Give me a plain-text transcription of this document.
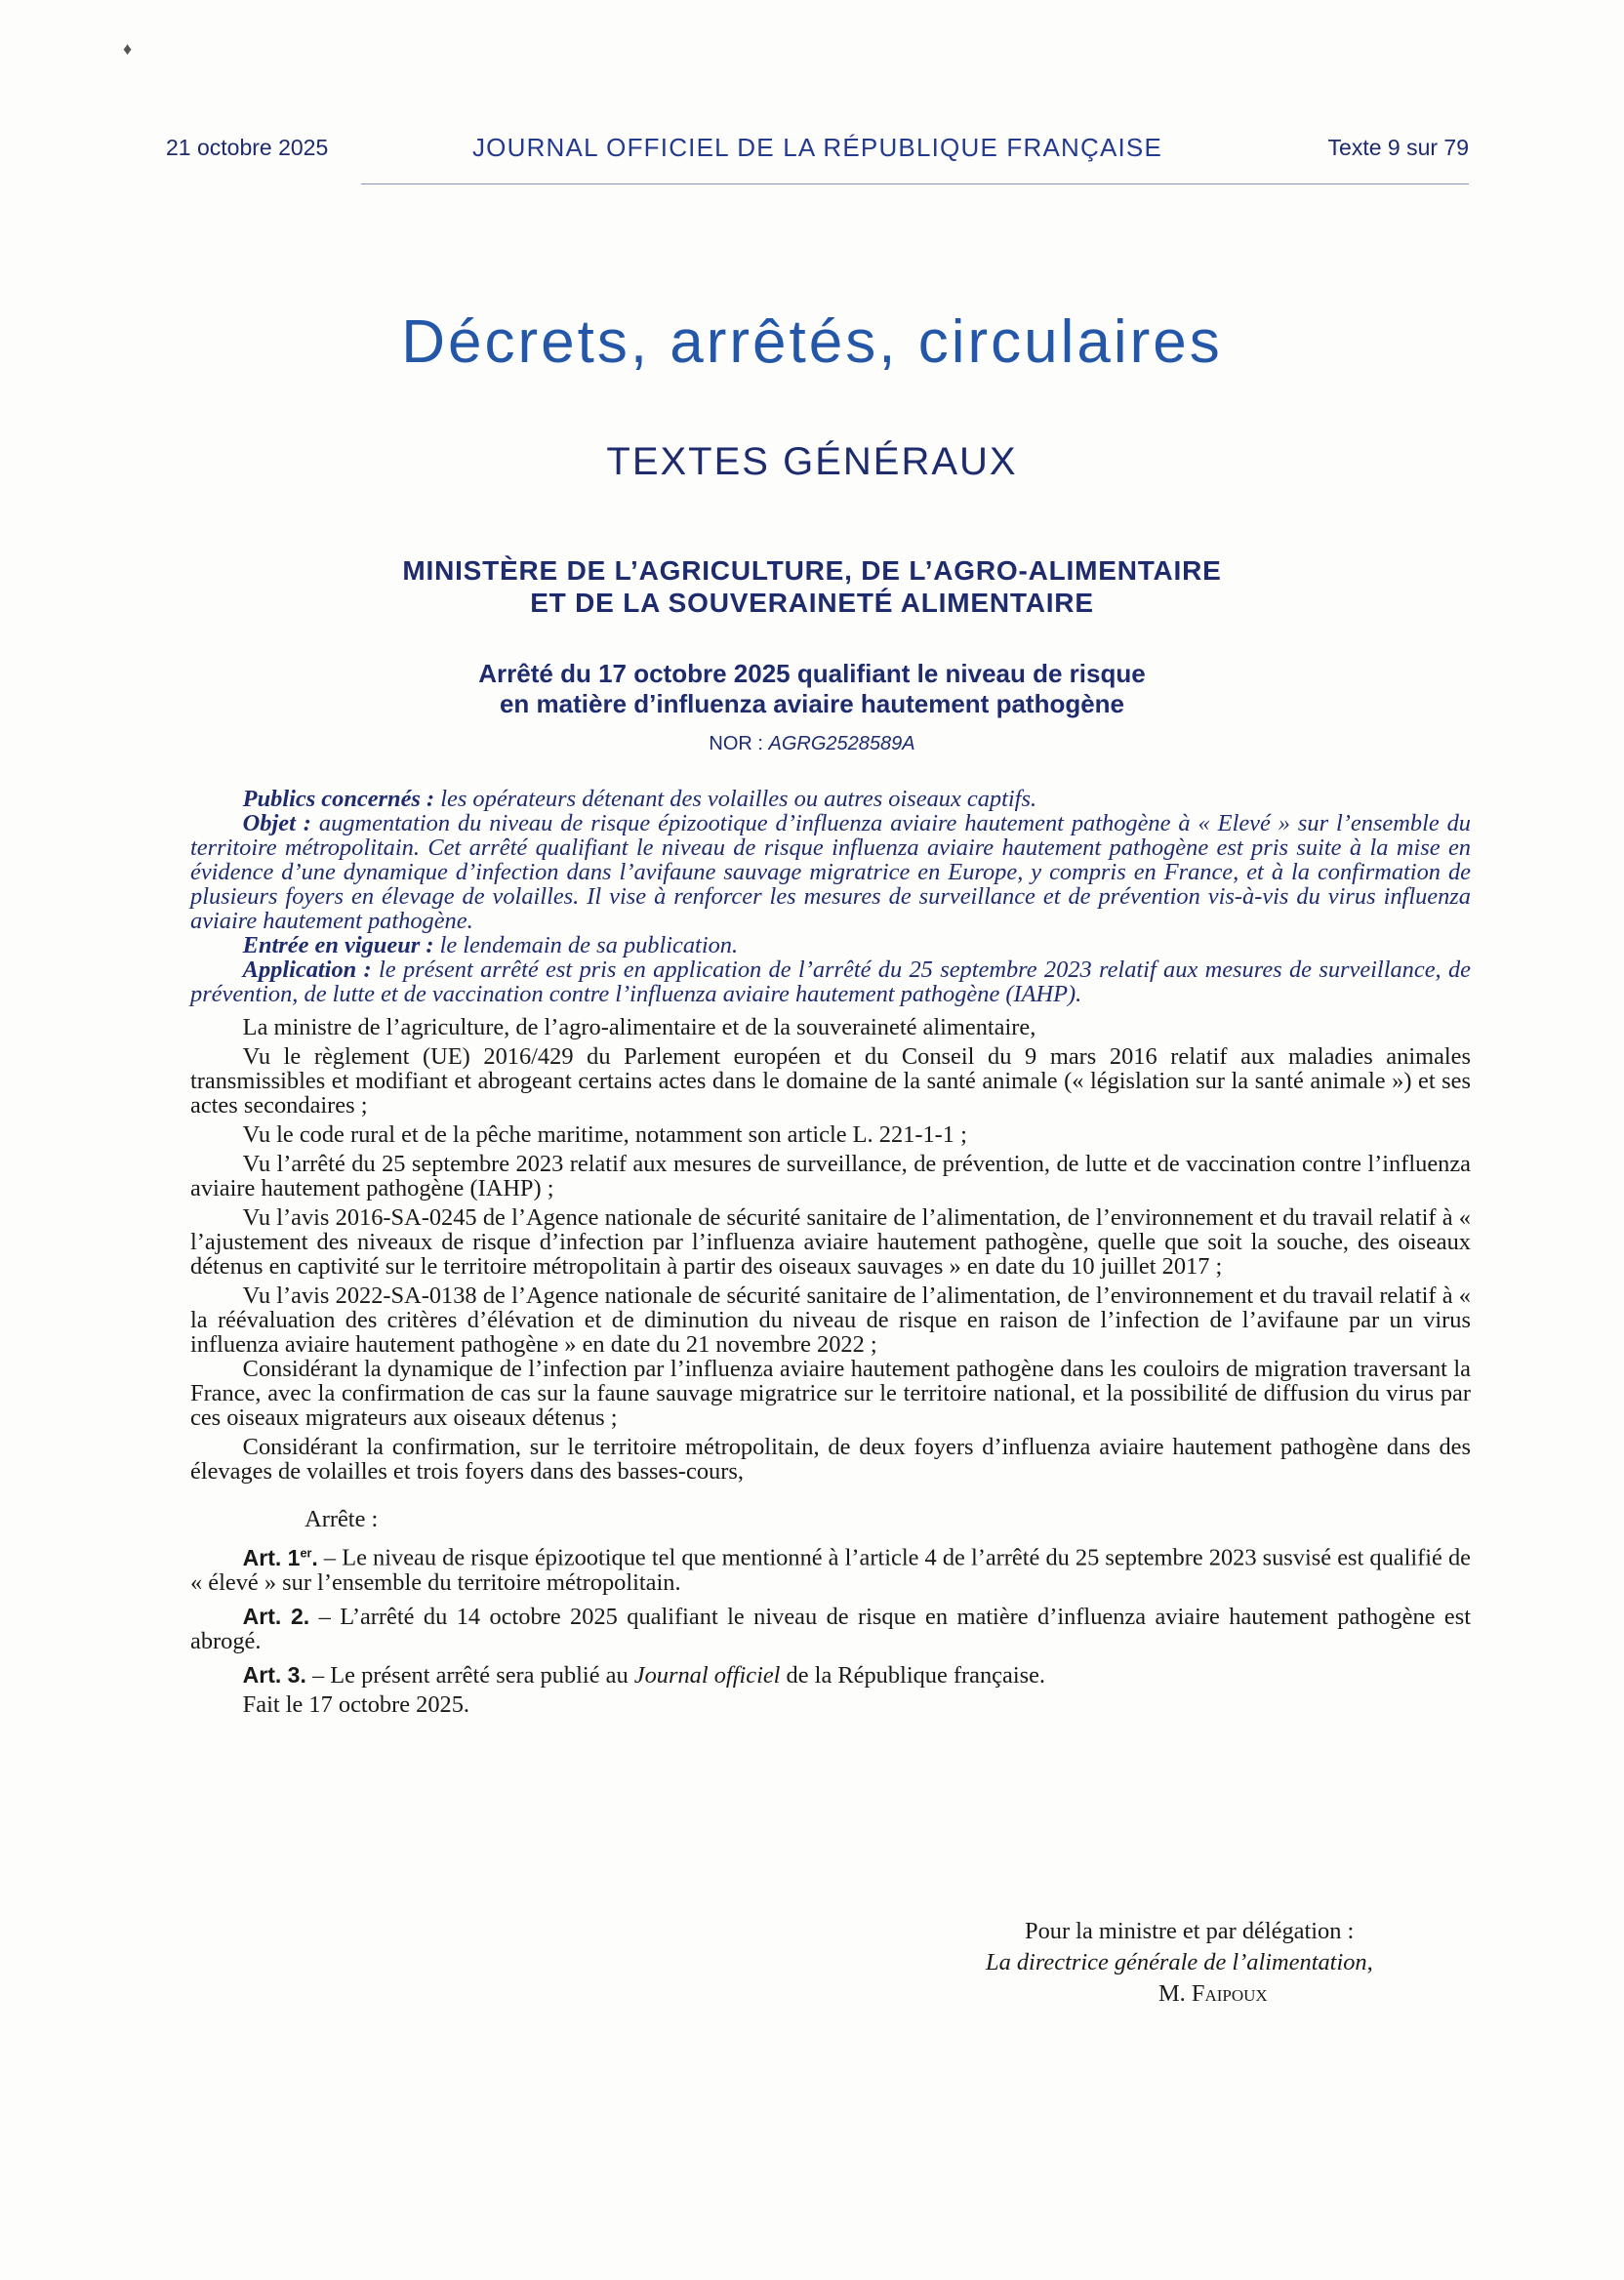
♦
21 octobre 2025	JOURNAL OFFICIEL DE LA RÉPUBLIQUE FRANÇAISE	Texte 9 sur 79
Décrets, arrêtés, circulaires
TEXTES GÉNÉRAUX
MINISTÈRE DE L’AGRICULTURE, DE L’AGRO-ALIMENTAIRE
ET DE LA SOUVERAINETÉ ALIMENTAIRE
Arrêté du 17 octobre 2025 qualifiant le niveau de risque
en matière d’influenza aviaire hautement pathogène
NOR : AGRG2528589A

Publics concernés : les opérateurs détenant des volailles ou autres oiseaux captifs.

Objet : augmentation du niveau de risque épizootique d’influenza aviaire hautement pathogène à « Elevé » sur l’ensemble du territoire métropolitain. Cet arrêté qualifiant le niveau de risque influenza aviaire hautement pathogène est pris suite à la mise en évidence d’une dynamique d’infection dans l’avifaune sauvage migratrice en Europe, y compris en France, et à la confirmation de plusieurs foyers en élevage de volailles. Il vise à renforcer les mesures de surveillance et de prévention vis-à-vis du virus influenza aviaire hautement pathogène.

Entrée en vigueur : le lendemain de sa publication.

Application : le présent arrêté est pris en application de l’arrêté du 25 septembre 2023 relatif aux mesures de surveillance, de prévention, de lutte et de vaccination contre l’influenza aviaire hautement pathogène (IAHP).

La ministre de l’agriculture, de l’agro-alimentaire et de la souveraineté alimentaire,

Vu le règlement (UE) 2016/429 du Parlement européen et du Conseil du 9 mars 2016 relatif aux maladies animales transmissibles et modifiant et abrogeant certains actes dans le domaine de la santé animale (« législation sur la santé animale ») et ses actes secondaires ;

Vu le code rural et de la pêche maritime, notamment son article L. 221-1-1 ;

Vu l’arrêté du 25 septembre 2023 relatif aux mesures de surveillance, de prévention, de lutte et de vaccination contre l’influenza aviaire hautement pathogène (IAHP) ;

Vu l’avis 2016-SA-0245 de l’Agence nationale de sécurité sanitaire de l’alimentation, de l’environnement et du travail relatif à « l’ajustement des niveaux de risque d’infection par l’influenza aviaire hautement pathogène, quelle que soit la souche, des oiseaux détenus en captivité sur le territoire métropolitain à partir des oiseaux sauvages » en date du 10 juillet 2017 ;

Vu l’avis 2022-SA-0138 de l’Agence nationale de sécurité sanitaire de l’alimentation, de l’environnement et du travail relatif à « la réévaluation des critères d’élévation et de diminution du niveau de risque en raison de l’infection de l’avifaune par un virus influenza aviaire hautement pathogène » en date du 21 novembre 2022 ;

Considérant la dynamique de l’infection par l’influenza aviaire hautement pathogène dans les couloirs de migration traversant la France, avec la confirmation de cas sur la faune sauvage migratrice sur le territoire national, et la possibilité de diffusion du virus par ces oiseaux migrateurs aux oiseaux détenus ;

Considérant la confirmation, sur le territoire métropolitain, de deux foyers d’influenza aviaire hautement pathogène dans des élevages de volailles et trois foyers dans des basses-cours,

Arrête :

Art. 1er. – Le niveau de risque épizootique tel que mentionné à l’article 4 de l’arrêté du 25 septembre 2023 susvisé est qualifié de « élevé » sur l’ensemble du territoire métropolitain.

Art. 2. – L’arrêté du 14 octobre 2025 qualifiant le niveau de risque en matière d’influenza aviaire hautement pathogène est abrogé.

Art. 3. – Le présent arrêté sera publié au Journal officiel de la République française.

Fait le 17 octobre 2025.

Pour la ministre et par délégation :
La directrice générale de l’alimentation,
M. Faipoux
